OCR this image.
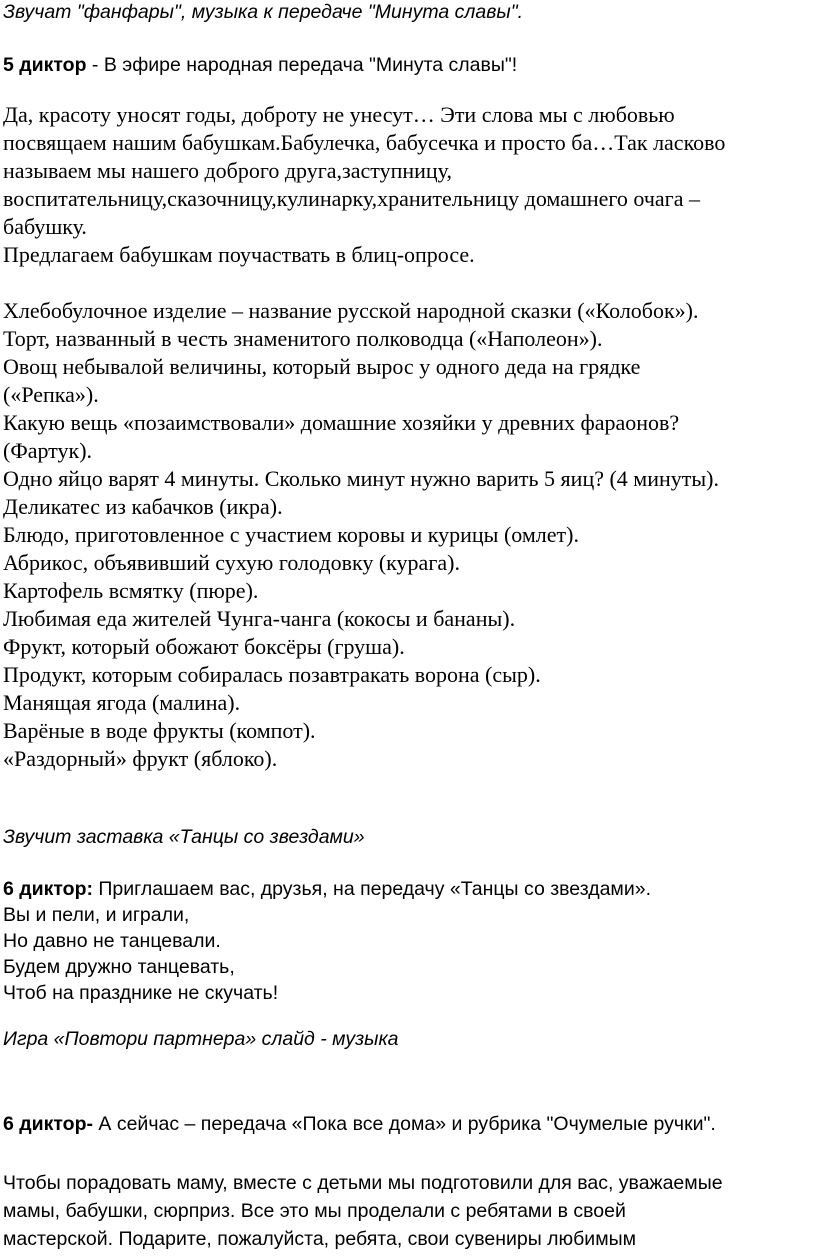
Звучат "фанфары", музыка к передаче "Минута славы".

5 диктор - В эфире народная передача "Минута славы"!

Да, красоту уносят годы, доброту не унесут… Эти слова мы с любовью

посвящаем нашим бабушкам.Бабулечка, бабусечка и просто ба…Так ласково

называем мы нашего доброго друга,заступницу,

воспитательницу,сказочницу,кулинарку,хранительницу домашнего очага –

бабушку.

Предлагаем бабушкам поучаствать в блиц-опросе.

Хлебобулочное изделие – название русской народной сказки («Колобок»).

Торт, названный в честь знаменитого полководца («Наполеон»).

Овощ небывалой величины, который вырос у одного деда на грядке

(«Репка»).

Какую вещь «позаимствовали» домашние хозяйки у древних фараонов?

(Фартук).

Одно яйцо варят 4 минуты. Сколько минут нужно варить 5 яиц? (4 минуты).

Деликатес из кабачков (икра).

Блюдо, приготовленное с участием коровы и курицы (омлет).

Абрикос, объявивший сухую голодовку (курага).

Картофель всмятку (пюре).

Любимая еда жителей Чунга-чанга (кокосы и бананы).

Фрукт, который обожают боксёры (груша).

Продукт, которым собиралась позавтракать ворона (сыр).

Манящая ягода (малина).

Варёные в воде фрукты (компот).

«Раздорный» фрукт (яблоко).

Звучит заставка «Танцы со звездами»

6 диктор: Приглашаем вас, друзья, на передачу «Танцы со звездами».

Вы и пели, и играли,

Но давно не танцевали.

Будем дружно танцевать,

Чтоб на празднике не скучать!

Игра «Повтори партнера» слайд - музыка

6 диктор- А сейчас – передача «Пока все дома» и рубрика "Очумелые ручки".

Чтобы порадовать маму, вместе с детьми мы подготовили для вас, уважаемые

мамы, бабушки, сюрприз. Все это мы проделали с ребятами в своей

мастерской. Подарите, пожалуйста, ребята, свои сувениры любимым
